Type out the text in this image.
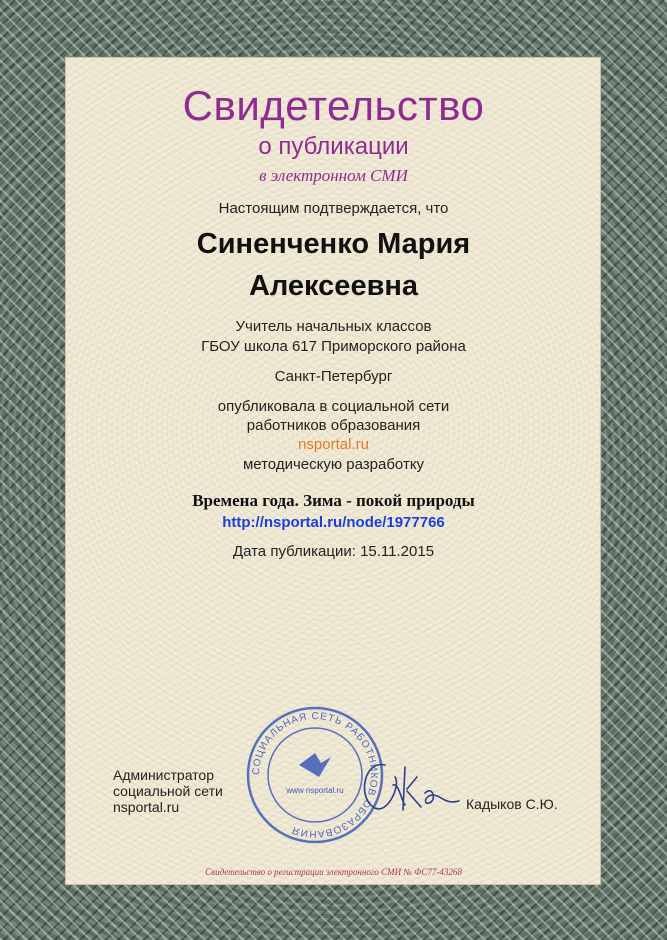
Свидетельство
о публикации
в электронном СМИ
Настоящим подтверждается, что
Синенченко Мария
Алексеевна
Учитель начальных классов
ГБОУ школа 617 Приморского района
Санкт-Петербург
опубликовала в социальной сети
работников образования
nsportal.ru
методическую разработку
Времена года. Зима - покой природы
http://nsportal.ru/node/1977766
Дата публикации: 15.11.2015
Администратор
социальной сети
nsportal.ru
СОЦИАЛЬНАЯ СЕТЬ РАБОТНИКОВ ОБРАЗОВАНИЯ
www nsportal.ru
Кадыков С.Ю.
Свидетельство о регистрации электронного СМИ № ФС77-43268
